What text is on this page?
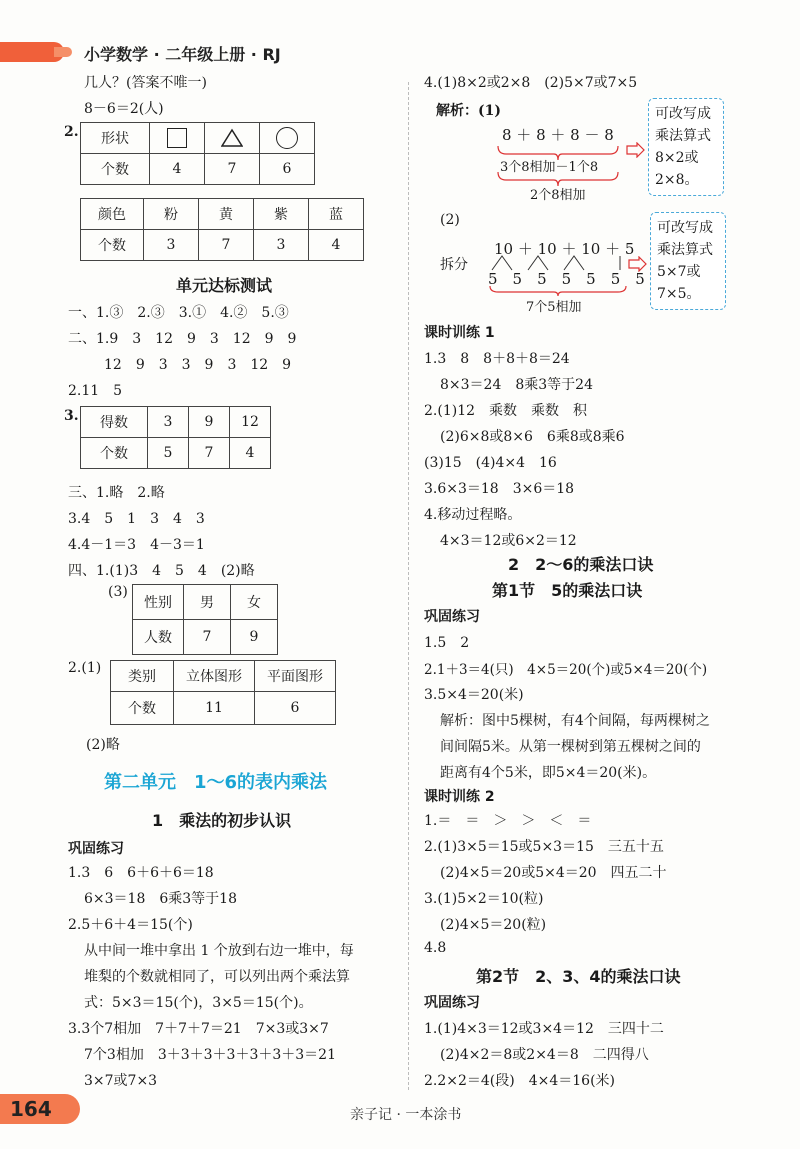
小学数学 · 二年级上册 · RJ
几人？(答案不唯一)
8－6＝2(人)
2. 形状			
个数	4	7	6
颜色	粉	黄	紫	蓝
个数	3	7	3	4
单元达标测试
一、1.③　2.③　3.①　4.②　5.③
二、1.9　3　12　9　3　12　9　9
12　9　3　3　9　3　12　9
2.11　5
3. 得数	3	9	12
个数	5	7	4
三、1.略　2.略
3.4　5　1　3　4　3
4.4－1＝3　4－3＝1
四、1.(1)3　4　5　4　(2)略
(3)
性别	男	女
人数	7	9
2.(1)
类别	立体图形	平面图形
个数	11	6
(2)略
第二单元　1～6的表内乘法
1　乘法的初步认识
巩固练习
1.3　6　6＋6＋6＝18
6×3＝18　6乘3等于18
2.5＋6＋4＝15(个)
从中间一堆中拿出 1 个放到右边一堆中，每
堆梨的个数就相同了，可以列出两个乘法算
式：5×3＝15(个)，3×5＝15(个)。
3.3个7相加　7＋7＋7＝21　7×3或3×7
7个3相加　3＋3＋3＋3＋3＋3＋3＝21
3×7或7×3
4.(1)8×2或2×8　(2)5×7或7×5
解析：(1)
8 ＋ 8 ＋ 8 － 8
3个8相加－1个8
2个8相加
可改写成
乘法算式
8×2或
2×8。
(2)
10 ＋ 10 ＋ 10 ＋ 5
拆分
5　5　5　5　5　5　5
7个5相加
可改写成
乘法算式
5×7或
7×5。
课时训练 1
1.3　8　8＋8＋8＝24
8×3＝24　8乘3等于24
2.(1)12　乘数　乘数　积
(2)6×8或8×6　6乘8或8乘6
(3)15　(4)4×4　16
3.6×3＝18　3×6＝18
4.移动过程略。
4×3＝12或6×2＝12
2　2～6的乘法口诀
第1节　5的乘法口诀
巩固练习
1.5　2
2.1＋3＝4(只)　4×5＝20(个)或5×4＝20(个)
3.5×4＝20(米)
解析：图中5棵树，有4个间隔，每两棵树之
间间隔5米。从第一棵树到第五棵树之间的
距离有4个5米，即5×4＝20(米)。
课时训练 2
1.＝　＝　＞　＞　＜　＝
2.(1)3×5＝15或5×3＝15　三五十五
(2)4×5＝20或5×4＝20　四五二十
3.(1)5×2＝10(粒)
(2)4×5＝20(粒)
4.8
第2节　2、3、4的乘法口诀
巩固练习
1.(1)4×3＝12或3×4＝12　三四十二
(2)4×2＝8或2×4＝8　二四得八
2.2×2＝4(段)　4×4＝16(米)
164	亲子记 · 一本涂书
